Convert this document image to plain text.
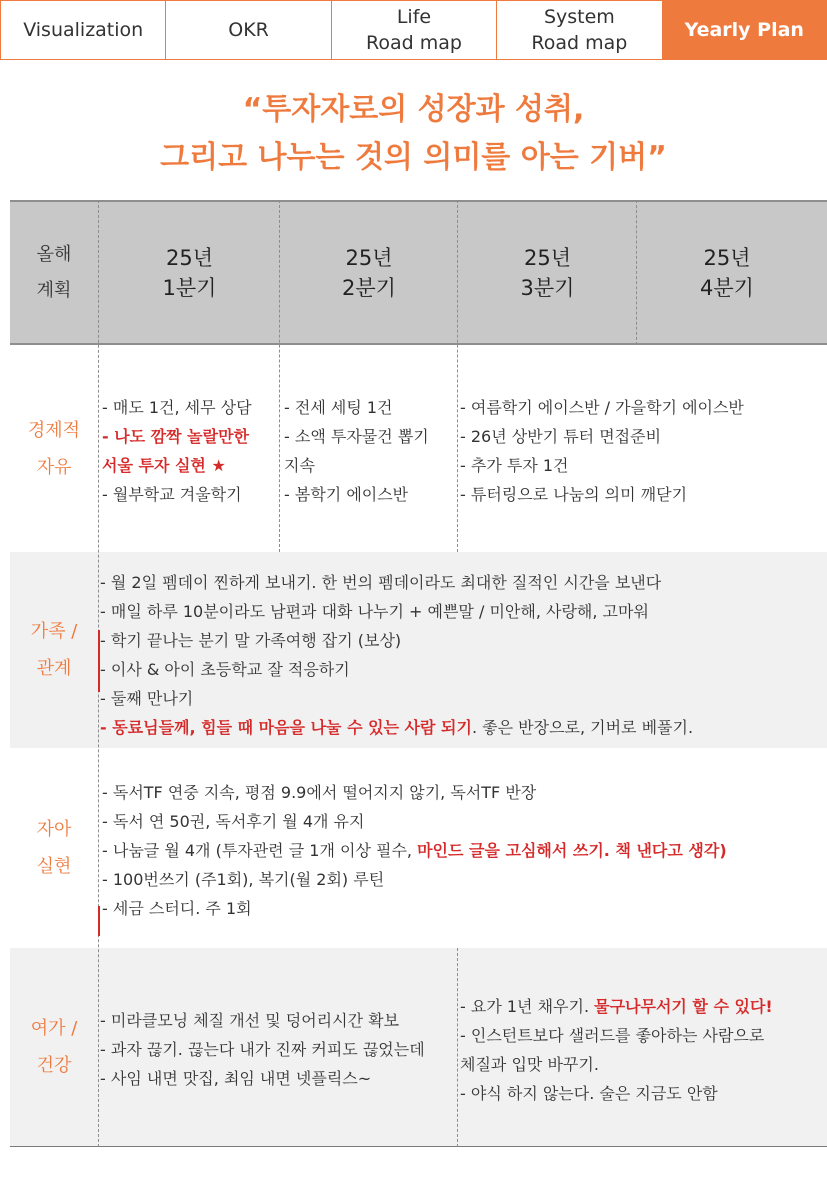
Visualization	OKR
Life
Road map
System
Road map
Yearly Plan
“투자자로의 성장과 성취,
그리고 나누는 것의 의미를 아는 기버”
올해
계획
25년
1분기
25년
2분기
25년
3분기
25년
4분기
경제적
자유
- 매도 1건, 세무 상담
- 나도 깜짝 놀랄만한
서울 투자 실현 ★
- 월부학교 겨울학기
- 전세 세팅 1건
- 소액 투자물건 뽑기
지속
- 봄학기 에이스반
- 여름학기 에이스반 / 가을학기 에이스반
- 26년 상반기 튜터 면접준비
- 추가 투자 1건
- 튜터링으로 나눔의 의미 깨닫기
가족 /
관계
- 월 2일 펨데이 찐하게 보내기. 한 번의 펨데이라도 최대한 질적인 시간을 보낸다
- 매일 하루 10분이라도 남편과 대화 나누기 + 예쁜말 / 미안해, 사랑해, 고마워
- 학기 끝나는 분기 말 가족여행 잡기 (보상)
- 이사 & 아이 초등학교 잘 적응하기
- 둘째 만나기
- 동료님들께, 힘들 때 마음을 나눌 수 있는 사람 되기. 좋은 반장으로, 기버로 베풀기.
자아
실현
- 독서TF 연중 지속, 평점 9.9에서 떨어지지 않기, 독서TF 반장
- 독서 연 50권, 독서후기 월 4개 유지
- 나눔글 월 4개 (투자관련 글 1개 이상 필수, 마인드 글을 고심해서 쓰기. 책 낸다고 생각)
- 100번쓰기 (주1회), 복기(월 2회) 루틴
- 세금 스터디. 주 1회
여가 /
건강
- 미라클모닝 체질 개선 및 덩어리시간 확보
- 과자 끊기. 끊는다 내가 진짜 커피도 끊었는데
- 사임 내면 맛집, 최임 내면 넷플릭스~
- 요가 1년 채우기. 물구나무서기 할 수 있다!
- 인스턴트보다 샐러드를 좋아하는 사람으로
체질과 입맛 바꾸기.
- 야식 하지 않는다. 술은 지금도 안함
